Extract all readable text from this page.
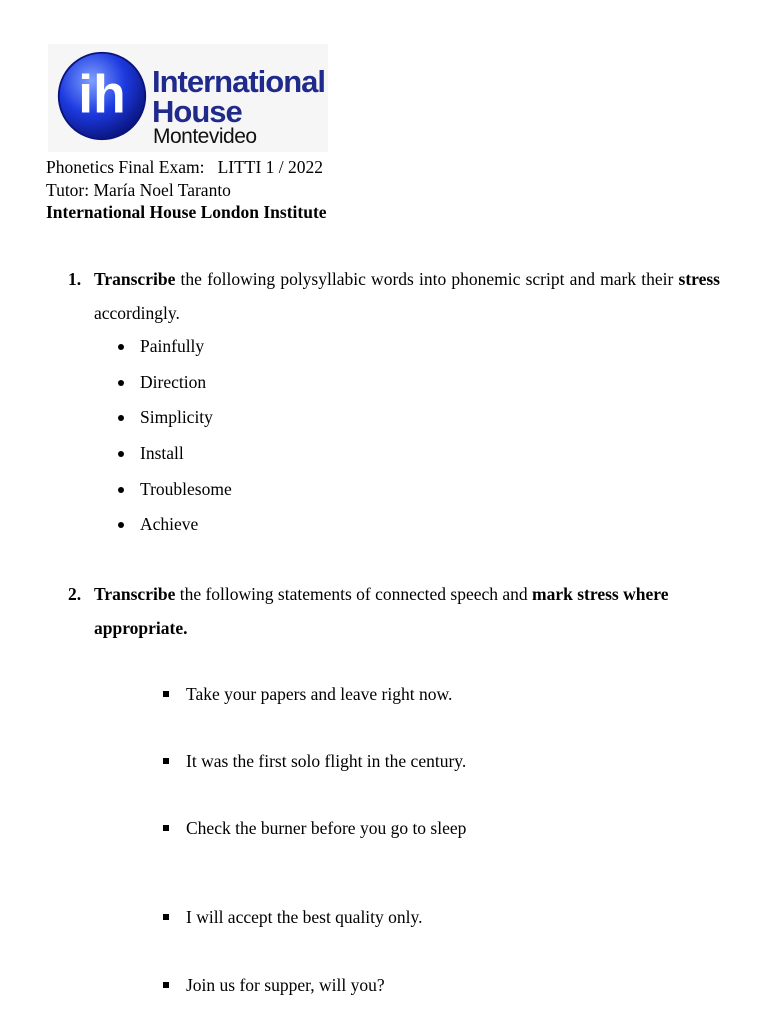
ih International
House
Montevideo
Phonetics Final Exam:   LITTI 1 / 2022
Tutor: María Noel Taranto
International House London Institute
1. Transcribe the following polysyllabic words into phonemic script and mark their stress accordingly.
Painfully
Direction
Simplicity
Install
Troublesome
Achieve
2. Transcribe the following statements of connected speech and mark stress where appropriate.
Take your papers and leave right now.
It was the first solo flight in the century.
Check the burner before you go to sleep
I will accept the best quality only.
Join us for supper, will you?
